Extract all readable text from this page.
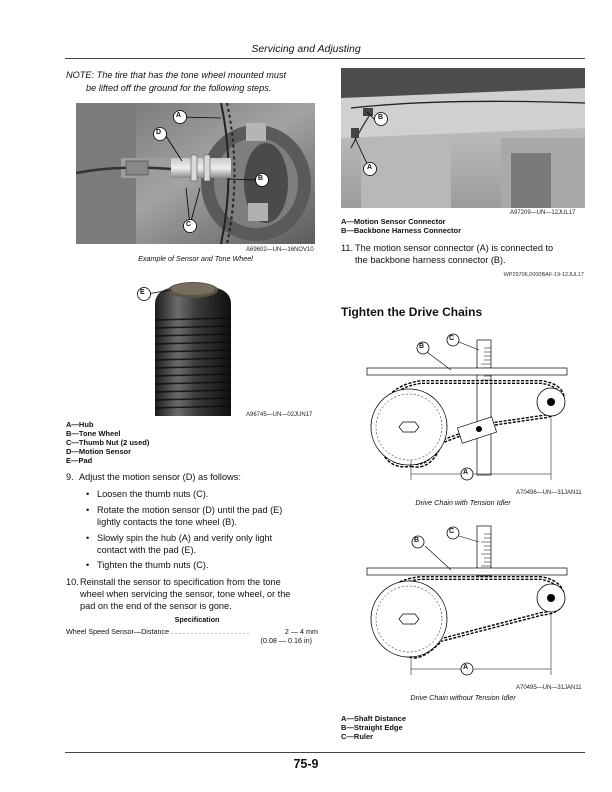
Servicing and Adjusting
NOTE: The tire that has the tone wheel mounted must
be lifted off the ground for the following steps.
A
B
C
D
A69602—UN—16NOV10
Example of Sensor and Tone Wheel
E
A96745—UN—02JUN17
A—Hub
B—Tone Wheel
C—Thumb Nut (2 used)
D—Motion Sensor
E—Pad
9. Adjust the motion sensor (D) as follows:
• Loosen the thumb nuts (C).
• Rotate the motion sensor (D) until the pad (E)
lightly contacts the tone wheel (B).
• Slowly spin the hub (A) and verify only light
contact with the pad (E).
• Tighten the thumb nuts (C).
10. Reinstall the sensor to specification from the tone
wheel when servicing the sensor, tone wheel, or the
pad on the end of the sensor is gone.
Specification
Wheel Speed Sensor—Distance . . . . . . . . . . . . . . . . . . . .	2 — 4 mm
(0.08 — 0.16 in)
A
B
A97209—UN—12JUL17
A—Motion Sensor Connector
B—Backbone Harness Connector
11. The motion sensor connector (A) is connected to
the backbone harness connector (B).
WP29706,0000BAF-19-12JUL17
Tighten the Drive Chains
B
C
A
A70496—UN—31JAN11
Drive Chain with Tension Idler
B
C
A
A70495—UN—31JAN11
Drive Chain without Tension Idler
A—Shaft Distance
B—Straight Edge
C—Ruler
75-9
